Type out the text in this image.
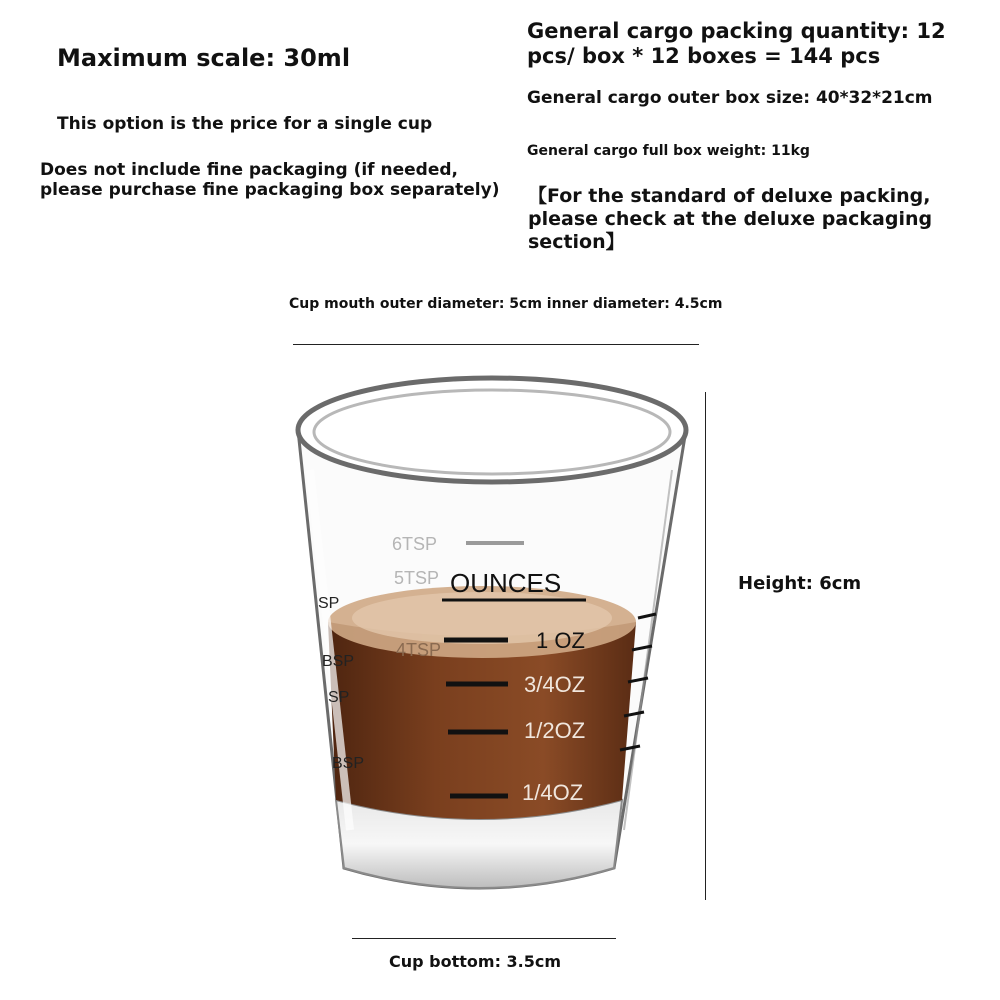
Maximum scale: 30ml
This option is the price for a single cup
Does not include fine packaging (if needed, please purchase fine packaging box separately)
General cargo packing quantity: 12 pcs/ box * 12 boxes = 144 pcs
General cargo outer box size: 40*32*21cm
General cargo full box weight: 11kg
【For the standard of deluxe packing, please check at the deluxe packaging section】
Cup mouth outer diameter: 5cm inner diameter: 4.5cm
6TSP
5TSP
4TSP
OUNCES
1 OZ
3/4OZ
1/2OZ
1/4OZ
SP
BSP
SP
BSP
Height: 6cm
Cup bottom: 3.5cm
